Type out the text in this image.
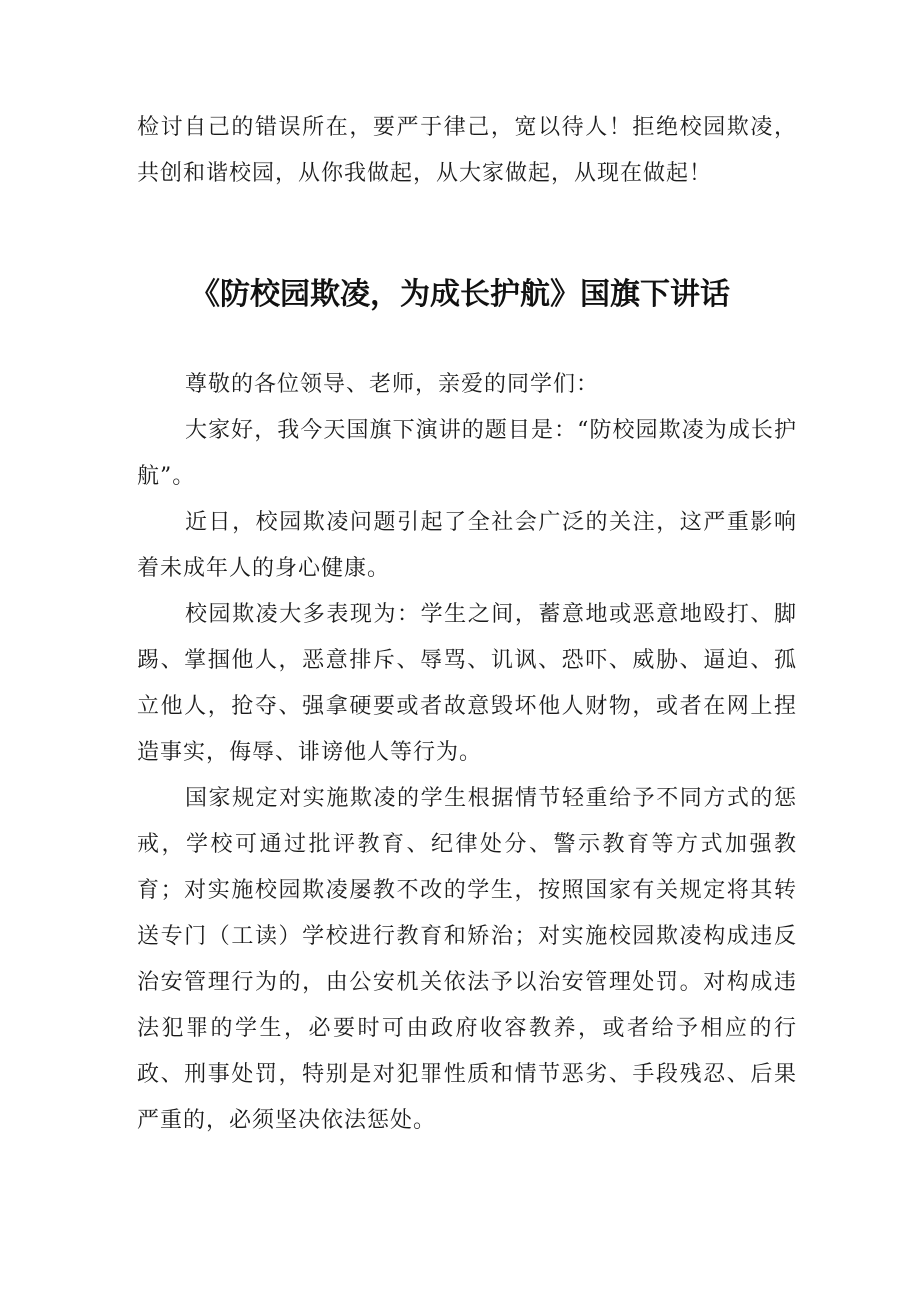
检讨自己的错误所在，要严于律己，宽以待人！拒绝校园欺凌，共创和谐校园，从你我做起，从大家做起，从现在做起！

《防校园欺凌，为成长护航》国旗下讲话

尊敬的各位领导、老师，亲爱的同学们：

大家好，我今天国旗下演讲的题目是：“防校园欺凌为成长护航”。

近日，校园欺凌问题引起了全社会广泛的关注，这严重影响着未成年人的身心健康。

校园欺凌大多表现为：学生之间，蓄意地或恶意地殴打、脚踢、掌掴他人，恶意排斥、辱骂、讥讽、恐吓、威胁、逼迫、孤立他人，抢夺、强拿硬要或者故意毁坏他人财物，或者在网上捏造事实，侮辱、诽谤他人等行为。

国家规定对实施欺凌的学生根据情节轻重给予不同方式的惩戒，学校可通过批评教育、纪律处分、警示教育等方式加强教育；对实施校园欺凌屡教不改的学生，按照国家有关规定将其转送专门（工读）学校进行教育和矫治；对实施校园欺凌构成违反治安管理行为的，由公安机关依法予以治安管理处罚。对构成违法犯罪的学生，必要时可由政府收容教养，或者给予相应的行政、刑事处罚，特别是对犯罪性质和情节恶劣、手段残忍、后果严重的，必须坚决依法惩处。
